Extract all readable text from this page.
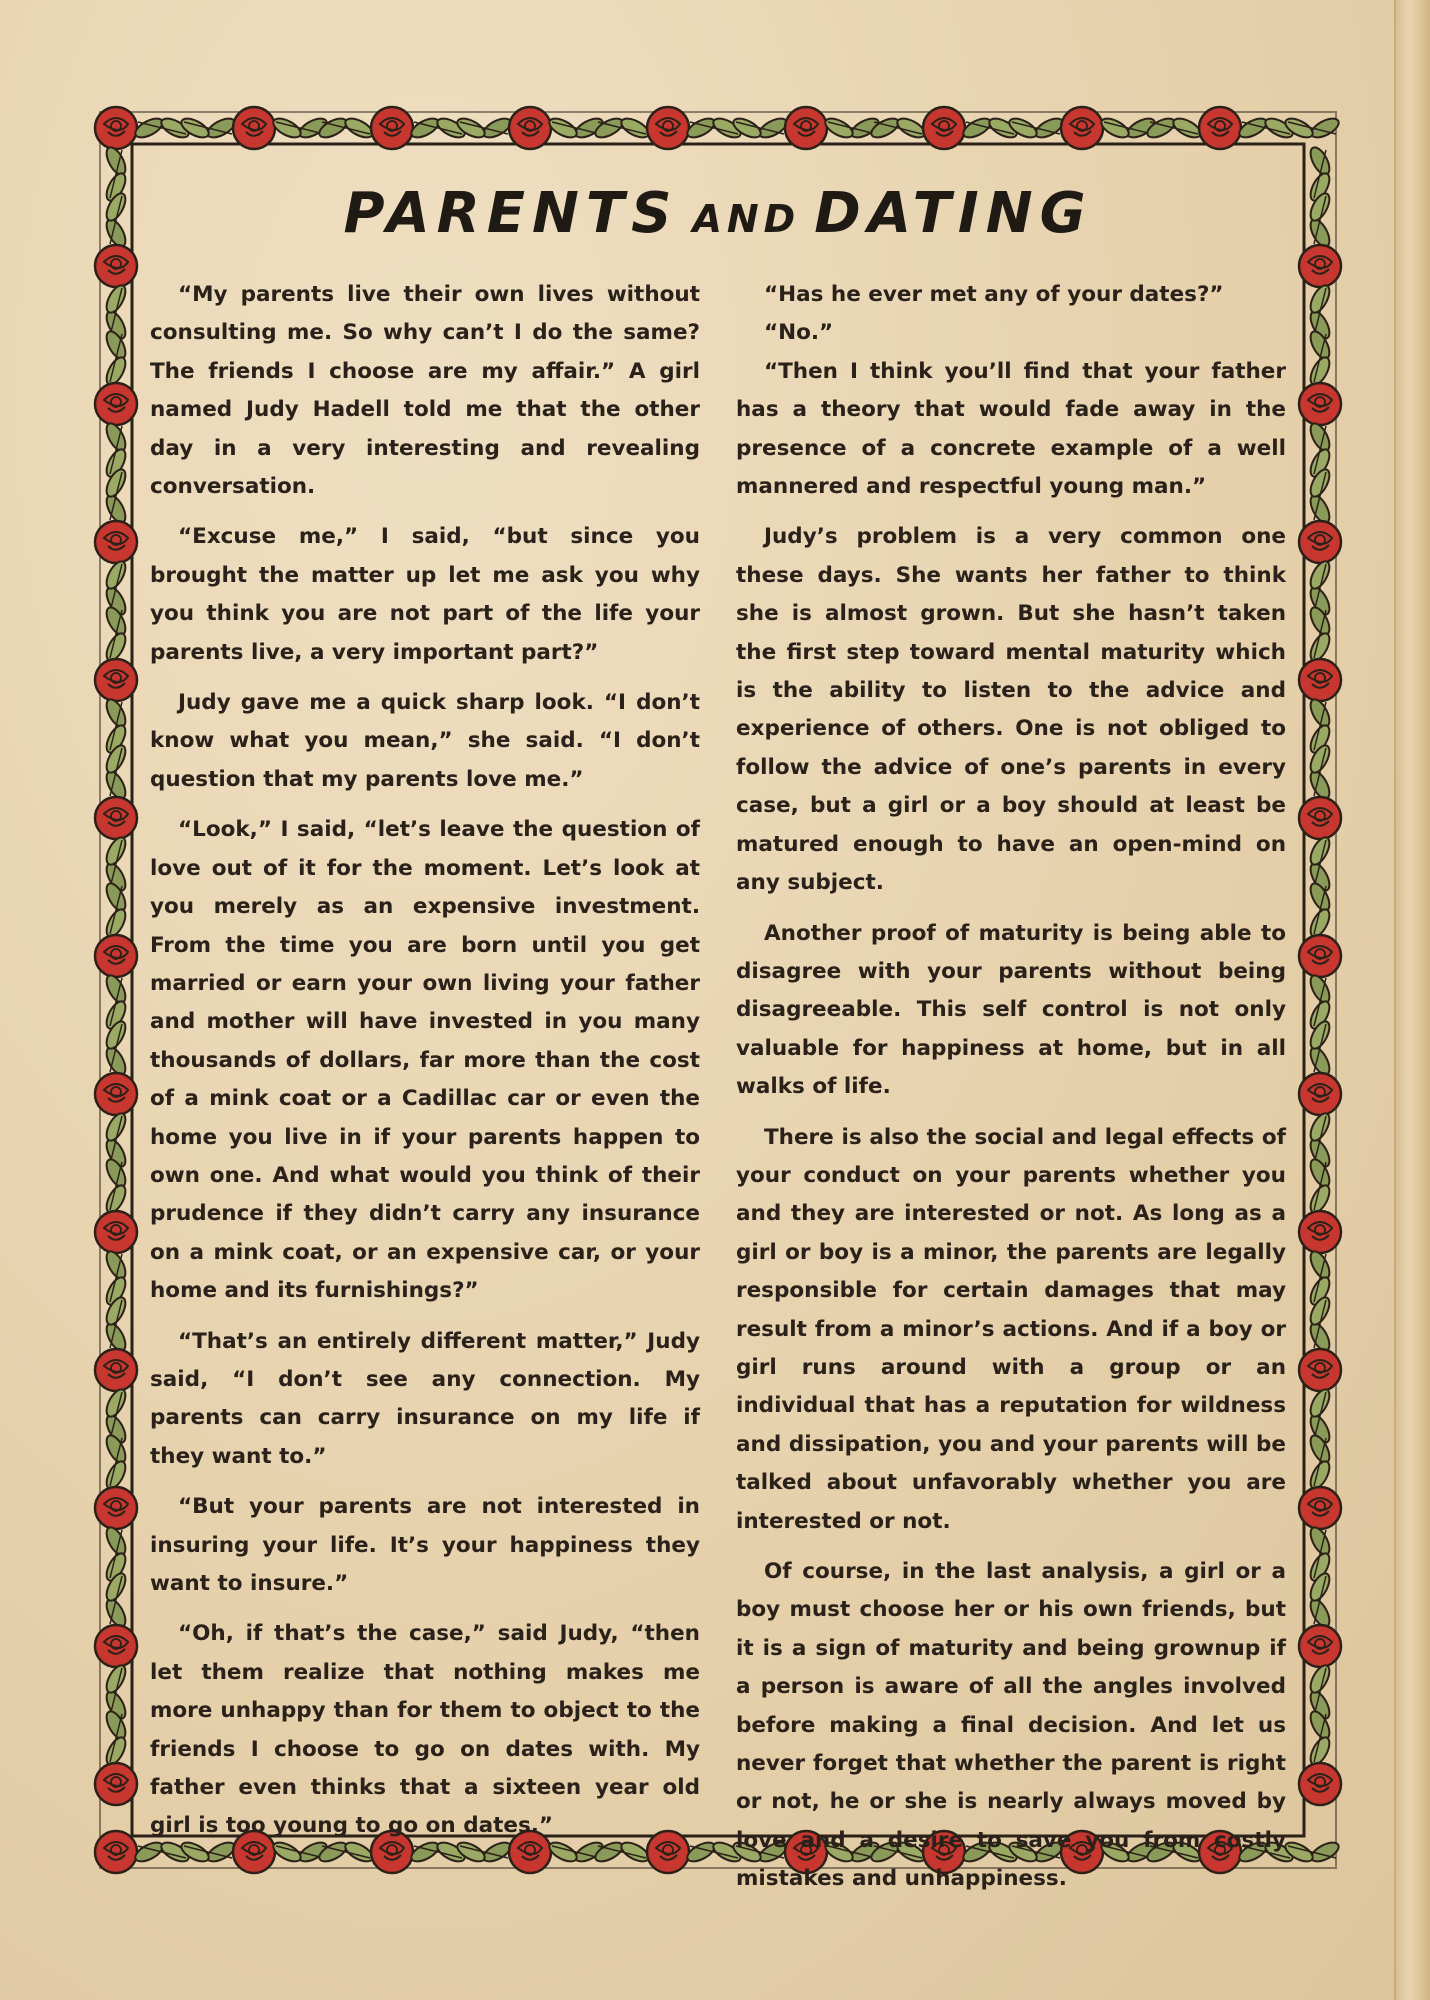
PARENTS AND DATING

“My parents live their own lives without consulting me. So why can’t I do the same? The friends I choose are my affair.” A girl named Judy Hadell told me that the other day in a very interesting and revealing conversation.

“Excuse me,” I said, “but since you brought the matter up let me ask you why you think you are not part of the life your parents live, a very important part?”

Judy gave me a quick sharp look. “I don’t know what you mean,” she said. “I don’t question that my parents love me.”

“Look,” I said, “let’s leave the question of love out of it for the moment. Let’s look at you merely as an expensive investment. From the time you are born until you get married or earn your own living your father and mother will have invested in you many thousands of dollars, far more than the cost of a mink coat or a Cadillac car or even the home you live in if your parents happen to own one. And what would you think of their prudence if they didn’t carry any insurance on a mink coat, or an expensive car, or your home and its furnishings?”

“That’s an entirely different matter,” Judy said, “I don’t see any connection. My parents can carry insurance on my life if they want to.”

“But your parents are not interested in insuring your life. It’s your happiness they want to insure.”

“Oh, if that’s the case,” said Judy, “then let them realize that nothing makes me more unhappy than for them to object to the friends I choose to go on dates with. My father even thinks that a sixteen year old girl is too young to go on dates.”

“Has he ever met any of your dates?”

“No.”

“Then I think you’ll find that your father has a theory that would fade away in the presence of a concrete example of a well mannered and respectful young man.”

Judy’s problem is a very common one these days. She wants her father to think she is almost grown. But she hasn’t taken the first step toward mental maturity which is the ability to listen to the advice and experience of others. One is not obliged to follow the advice of one’s parents in every case, but a girl or a boy should at least be matured enough to have an open-mind on any subject.

Another proof of maturity is being able to disagree with your parents without being disagreeable. This self control is not only valuable for happiness at home, but in all walks of life.

There is also the social and legal effects of your conduct on your parents whether you and they are interested or not. As long as a girl or boy is a minor, the parents are legally responsible for certain damages that may result from a minor’s actions. And if a boy or girl runs around with a group or an individual that has a reputation for wildness and dissipation, you and your parents will be talked about unfavorably whether you are interested or not.

Of course, in the last analysis, a girl or a boy must choose her or his own friends, but it is a sign of maturity and being grownup if a person is aware of all the angles involved before making a final decision. And let us never forget that whether the parent is right or not, he or she is nearly always moved by love and a desire to save you from costly mistakes and unhappiness.
